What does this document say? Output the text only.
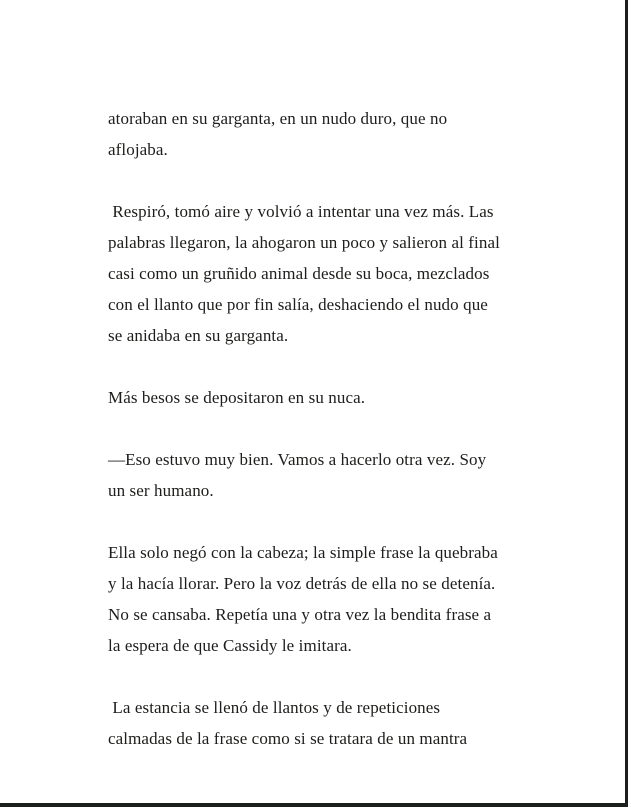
atoraban en su garganta, en un nudo duro, que no
aflojaba.
Respiró, tomó aire y volvió a intentar una vez más. Las
palabras llegaron, la ahogaron un poco y salieron al final
casi como un gruñido animal desde su boca, mezclados
con el llanto que por fin salía, deshaciendo el nudo que
se anidaba en su garganta.
Más besos se depositaron en su nuca.
—Eso estuvo muy bien. Vamos a hacerlo otra vez. Soy
un ser humano.
Ella solo negó con la cabeza; la simple frase la quebraba
y la hacía llorar. Pero la voz detrás de ella no se detenía.
No se cansaba. Repetía una y otra vez la bendita frase a
la espera de que Cassidy le imitara.
La estancia se llenó de llantos y de repeticiones
calmadas de la frase como si se tratara de un mantra
